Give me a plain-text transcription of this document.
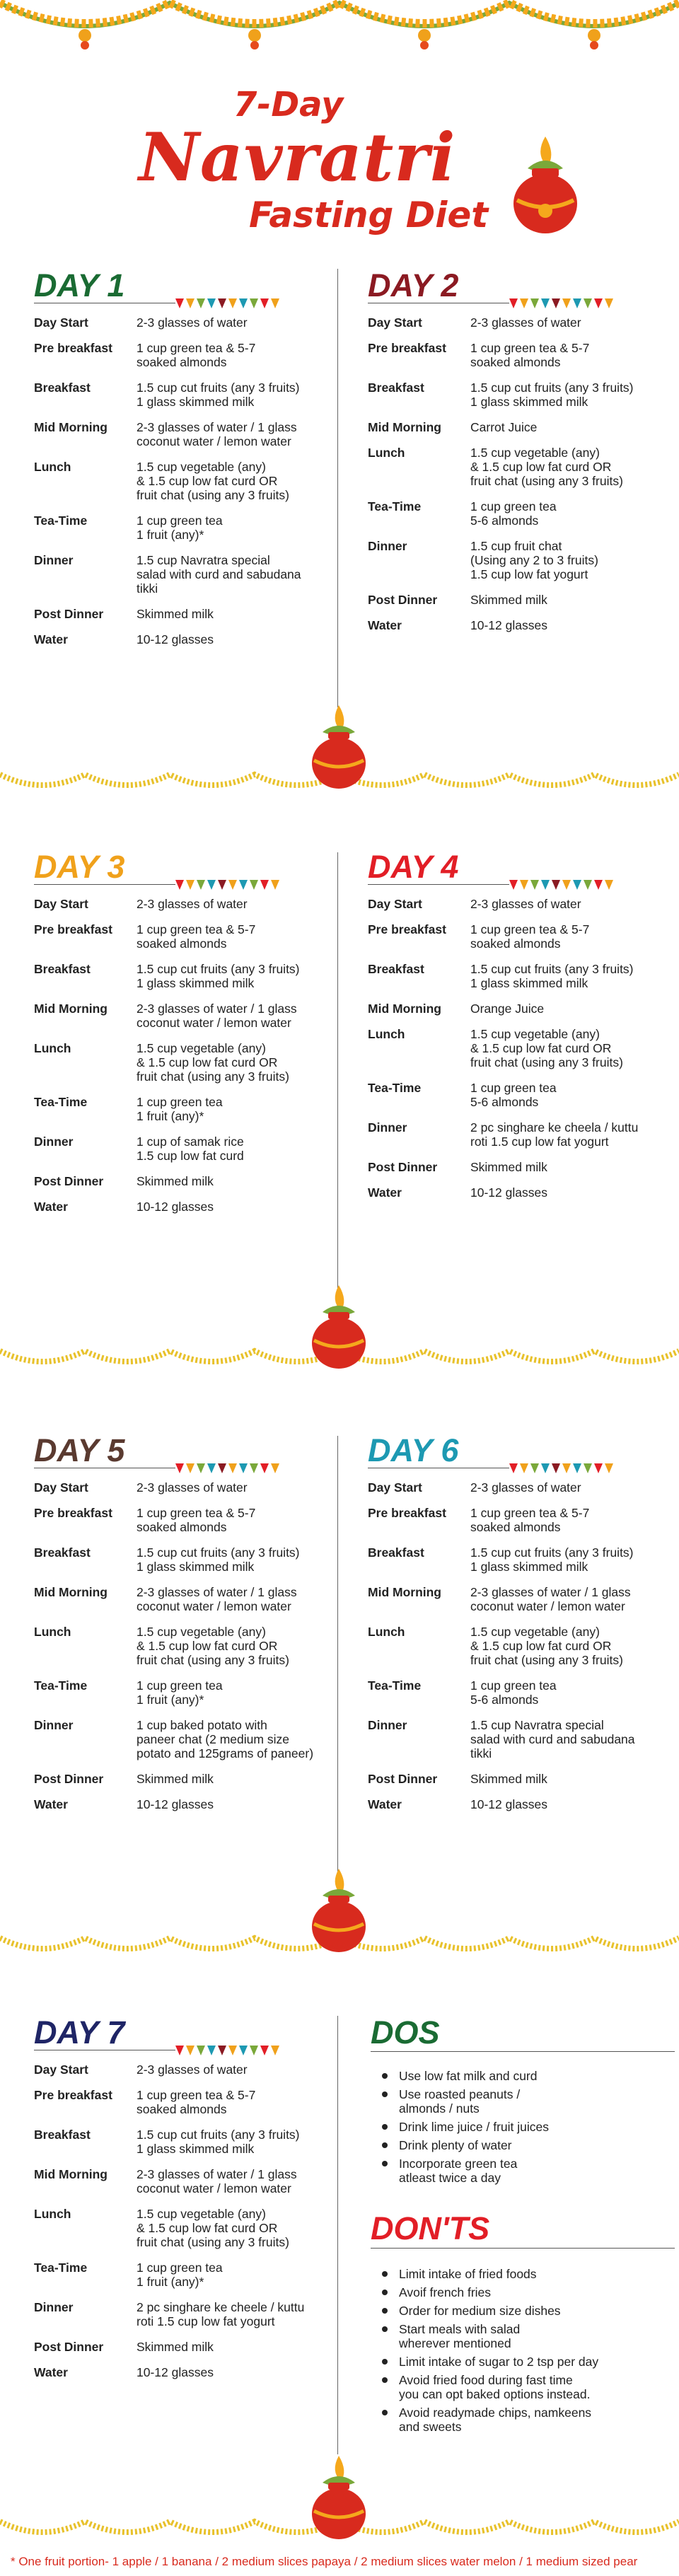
7-Day
Navratri
Fasting Diet
DAY 1
Day Start	2-3 glasses of water
Pre breakfast	1 cup green tea & 5-7
soaked almonds
Breakfast	1.5 cup cut fruits (any 3 fruits)
1 glass skimmed milk
Mid Morning	2-3 glasses of water / 1 glass
coconut water / lemon water
Lunch	1.5 cup vegetable (any)
& 1.5 cup low fat curd OR
fruit chat (using any 3 fruits)
Tea-Time	1 cup green tea
1 fruit (any)*
Dinner	1.5 cup Navratra special
salad with curd and sabudana
tikki
Post Dinner	Skimmed milk
Water	10-12 glasses
DAY 2
Day Start	2-3 glasses of water
Pre breakfast	1 cup green tea & 5-7
soaked almonds
Breakfast	1.5 cup cut fruits (any 3 fruits)
1 glass skimmed milk
Mid Morning	Carrot Juice
Lunch	1.5 cup vegetable (any)
& 1.5 cup low fat curd OR
fruit chat (using any 3 fruits)
Tea-Time	1 cup green tea
5-6 almonds
Dinner	1.5 cup fruit chat
(Using any 2 to 3 fruits)
1.5 cup low fat yogurt
Post Dinner	Skimmed milk
Water	10-12 glasses
DAY 3
Day Start	2-3 glasses of water
Pre breakfast	1 cup green tea & 5-7
soaked almonds
Breakfast	1.5 cup cut fruits (any 3 fruits)
1 glass skimmed milk
Mid Morning	2-3 glasses of water / 1 glass
coconut water / lemon water
Lunch	1.5 cup vegetable (any)
& 1.5 cup low fat curd OR
fruit chat (using any 3 fruits)
Tea-Time	1 cup green tea
1 fruit (any)*
Dinner	1 cup of samak rice
1.5 cup low fat curd
Post Dinner	Skimmed milk
Water	10-12 glasses
DAY 4
Day Start	2-3 glasses of water
Pre breakfast	1 cup green tea & 5-7
soaked almonds
Breakfast	1.5 cup cut fruits (any 3 fruits)
1 glass skimmed milk
Mid Morning	Orange Juice
Lunch	1.5 cup vegetable (any)
& 1.5 cup low fat curd OR
fruit chat (using any 3 fruits)
Tea-Time	1 cup green tea
5-6 almonds
Dinner	2 pc singhare ke cheela / kuttu
roti 1.5 cup low fat yogurt
Post Dinner	Skimmed milk
Water	10-12 glasses
DAY 5
Day Start	2-3 glasses of water
Pre breakfast	1 cup green tea & 5-7
soaked almonds
Breakfast	1.5 cup cut fruits (any 3 fruits)
1 glass skimmed milk
Mid Morning	2-3 glasses of water / 1 glass
coconut water / lemon water
Lunch	1.5 cup vegetable (any)
& 1.5 cup low fat curd OR
fruit chat (using any 3 fruits)
Tea-Time	1 cup green tea
1 fruit (any)*
Dinner	1 cup baked potato with
paneer chat (2 medium size
potato and 125grams of paneer)
Post Dinner	Skimmed milk
Water	10-12 glasses
DAY 6
Day Start	2-3 glasses of water
Pre breakfast	1 cup green tea & 5-7
soaked almonds
Breakfast	1.5 cup cut fruits (any 3 fruits)
1 glass skimmed milk
Mid Morning	2-3 glasses of water / 1 glass
coconut water / lemon water
Lunch	1.5 cup vegetable (any)
& 1.5 cup low fat curd OR
fruit chat (using any 3 fruits)
Tea-Time	1 cup green tea
5-6 almonds
Dinner	1.5 cup Navratra special
salad with curd and sabudana
tikki
Post Dinner	Skimmed milk
Water	10-12 glasses
DAY 7
Day Start	2-3 glasses of water
Pre breakfast	1 cup green tea & 5-7
soaked almonds
Breakfast	1.5 cup cut fruits (any 3 fruits)
1 glass skimmed milk
Mid Morning	2-3 glasses of water / 1 glass
coconut water / lemon water
Lunch	1.5 cup vegetable (any)
& 1.5 cup low fat curd OR
fruit chat (using any 3 fruits)
Tea-Time	1 cup green tea
1 fruit (any)*
Dinner	2 pc singhare ke cheele / kuttu
roti 1.5 cup low fat yogurt
Post Dinner	Skimmed milk
Water	10-12 glasses
DOS
Use low fat milk and curd
Use roasted peanuts /
almonds / nuts
Drink lime juice / fruit juices
Drink plenty of water
Incorporate green tea
atleast twice a day
DON'TS
Limit intake of fried foods
Avoif french fries
Order for medium size dishes
Start meals with salad
wherever mentioned
Limit intake of sugar to 2 tsp per day
Avoid fried food during fast time
you can opt baked options instead.
Avoid readymade chips, namkeens
and sweets
* One fruit portion- 1 apple / 1 banana / 2 medium slices papaya / 2 medium slices water melon / 1 medium sized pear
